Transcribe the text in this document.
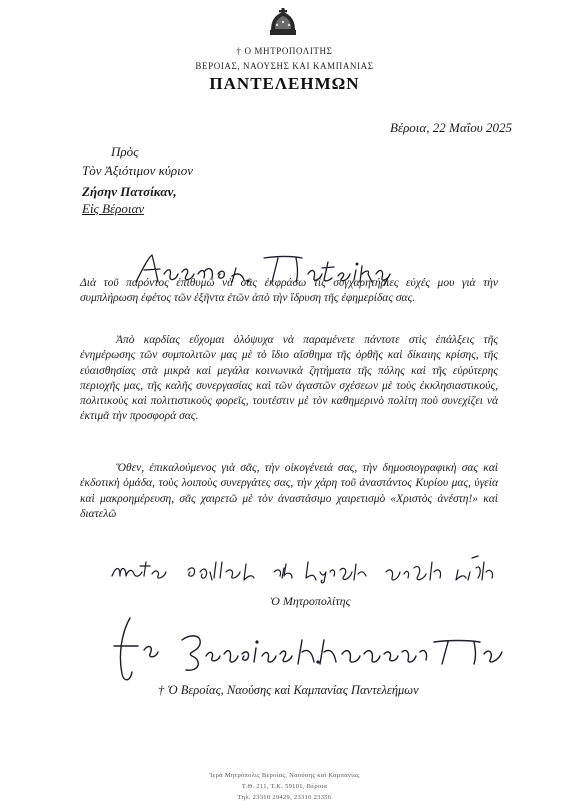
† Ο ΜΗΤΡΟΠΟΛΙΤΗΣ
ΒΕΡΟΙΑΣ, ΝΑΟΥΣΗΣ ΚΑΙ ΚΑΜΠΑΝΙΑΣ
ΠΑΝΤΕΛΕΗΜΩΝ
Βέροια, 22 Μαΐου 2025
Πρὸς
Τὸν Ἀξιότιμον κύριον
Ζήσην Πατσίκαν,
Εἰς Βέροιαν
Διὰ τοῦ παρόντος ἐπιθυμῶ νὰ σᾶς ἐκφράσω τὶς συγχαρητήριες εὐχές μου γιὰ τὴν συμπλήρωση ἐφέτος τῶν ἑξῆντα ἐτῶν ἀπὸ τὴν ἵδρυση τῆς ἐφημερίδας σας.
Ἀπὸ καρδίας εὔχομαι ὁλόψυχα νὰ παραμένετε πάντοτε στὶς ἐπάλξεις τῆς ἐνημέρωσης τῶν συμπολιτῶν μας μὲ τὸ ἴδιο αἴσθημα τῆς ὀρθῆς καὶ δίκαιης κρίσης, τῆς εὐαισθησίας στὰ μικρὰ καὶ μεγάλα κοινωνικὰ ζητήματα τῆς πόλης καὶ τῆς εὐρύτερης περιοχῆς μας, τῆς καλῆς συνεργασίας καὶ τῶν ἀγαστῶν σχέσεων μὲ τοὺς ἐκκλησιαστικούς, πολιτικοὺς καὶ πολιτιστικοὺς φορεῖς, τουτέστιν μὲ τὸν καθημερινὸ πολίτη ποὺ συνεχίζει νὰ ἐκτιμᾶ τὴν προσφορά σας.
Ὅθεν, ἐπικαλούμενος γιὰ σᾶς, τὴν οἰκογένειά σας, τὴν δημοσιογραφικὴ σας καὶ ἐκδοτικὴ ὁμάδα, τοὺς λοιποὺς συνεργάτες σας, τὴν χάρη τοῦ ἀναστάντος Κυρίου μας, ὑγεία καὶ μακροημέρευση, σᾶς χαιρετῶ μὲ τὸν ἀναστάσιμο χαιρετισμὸ «Χριστὸς ἀνέστη!» καὶ διατελῶ
Ὁ Μητροπολίτης
† Ὁ Βεροίας, Ναούσης καὶ Καμπανίας Παντελεήμων
Ἱερὰ Μητρόπολις Βεροίας, Ναούσης καὶ Καμπανίας
Τ.Θ. 211, Τ.Κ. 59101, Βέροια
Τηλ. 23310 29429, 23310 23356
